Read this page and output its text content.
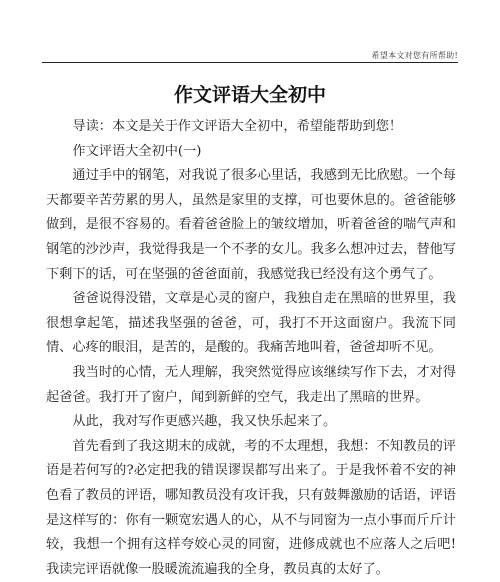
希望本文对您有所帮助!
作文评语大全初中

导读：本文是关于作文评语大全初中，希望能帮助到您！

作文评语大全初中(一)

通过手中的钢笔，对我说了很多心里话，我感到无比欣慰。一个每天都要辛苦劳累的男人，虽然是家里的支撑，可也要休息的。爸爸能够做到，是很不容易的。看着爸爸脸上的皱纹增加，听着爸爸的喘气声和钢笔的沙沙声，我觉得我是一个不孝的女儿。我多么想冲过去，替他写下剩下的话，可在坚强的爸爸面前，我感觉我已经没有这个勇气了。

爸爸说得没错，文章是心灵的窗户，我独自走在黑暗的世界里，我很想拿起笔，描述我坚强的爸爸，可，我打不开这面窗户。我流下同情、心疼的眼泪，是苦的，是酸的。我痛苦地叫着，爸爸却听不见。

我当时的心情，无人理解，我突然觉得应该继续写作下去，才对得起爸爸。我打开了窗户，闻到新鲜的空气，我走出了黑暗的世界。

从此，我对写作更感兴趣，我又快乐起来了。

首先看到了我这期末的成就，考的不太理想，我想：不知教员的评语是若何写的?必定把我的错误谬误都写出来了。于是我怀着不安的神色看了教员的评语，哪知教员没有攻讦我，只有鼓舞激励的话语，评语是这样写的：你有一颗宽宏遇人的心，从不与同窗为一点小事而斤斤计较，我想一个拥有这样夸姣心灵的同窗，进修成就也不应落人之后吧!我读完评语就像一股暖流流遍我的全身，教员真的太好了。
